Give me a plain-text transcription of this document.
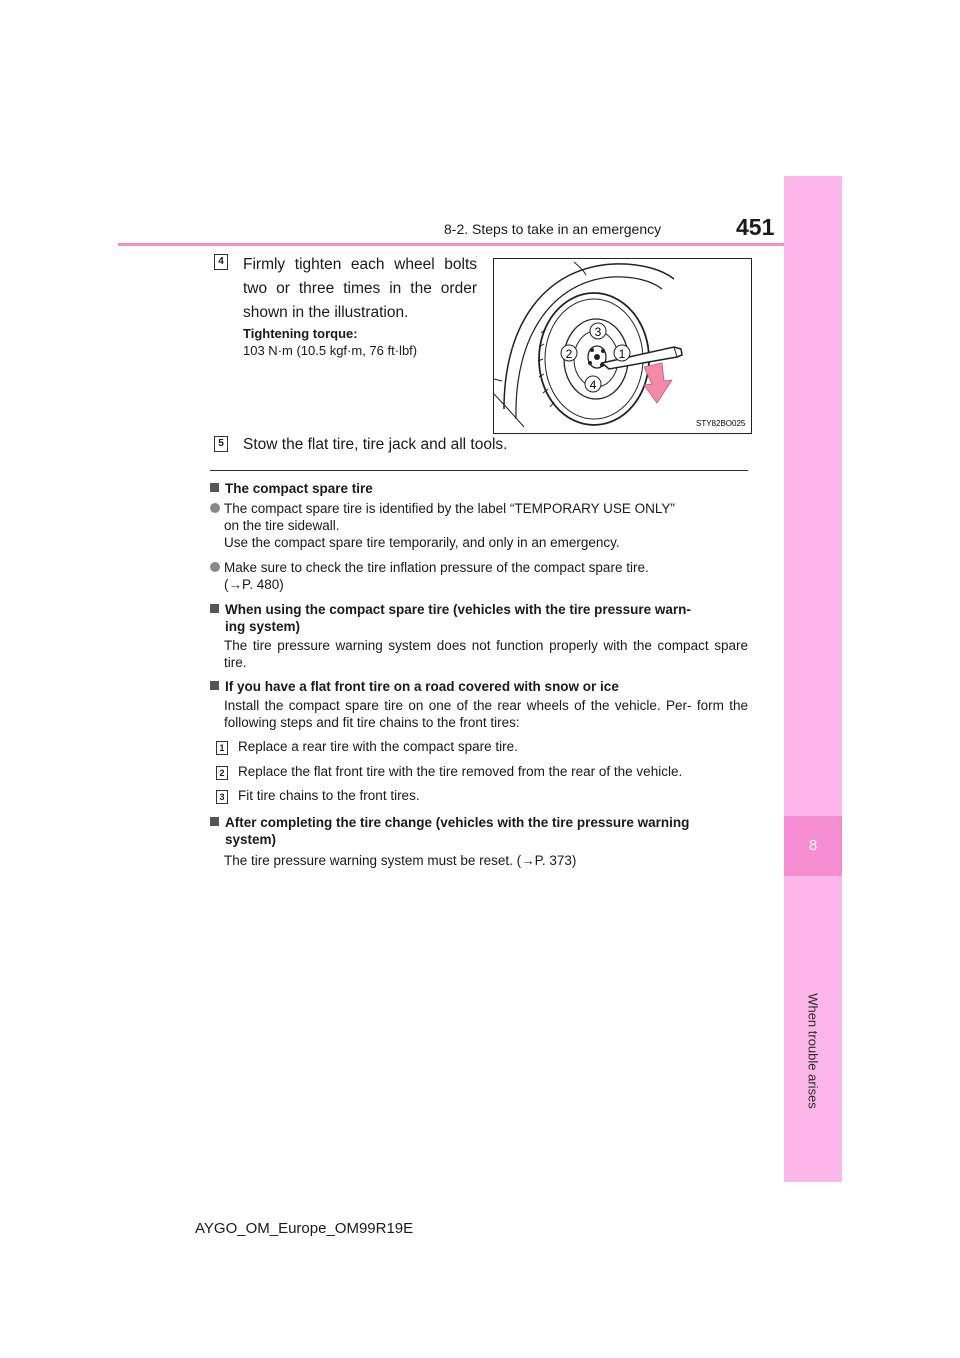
8-2. Steps to take in an emergency	451
8
When trouble arises
4 Firmly tighten each wheel bolts two or three times in the order shown in the illustration.
Tightening torque:
103 N·m (10.5 kgf·m, 76 ft·lbf)
3
2	1
4
STY82BO025
5 Stow the flat tire, tire jack and all tools.
The compact spare tire
The compact spare tire is identified by the label “TEMPORARY USE ONLY”
on the tire sidewall.
Use the compact spare tire temporarily, and only in an emergency.
Make sure to check the tire inflation pressure of the compact spare tire.
(→P. 480)
When using the compact spare tire (vehicles with the tire pressure warn-
ing system)
The tire pressure warning system does not function properly with the compact spare tire.
If you have a flat front tire on a road covered with snow or ice
Install the compact spare tire on one of the rear wheels of the vehicle. Per- form the following steps and fit tire chains to the front tires:
1 Replace a rear tire with the compact spare tire.
2 Replace the flat front tire with the tire removed from the rear of the vehicle.
3 Fit tire chains to the front tires.
After completing the tire change (vehicles with the tire pressure warning
system)
The tire pressure warning system must be reset. (→P. 373)
AYGO_OM_Europe_OM99R19E
